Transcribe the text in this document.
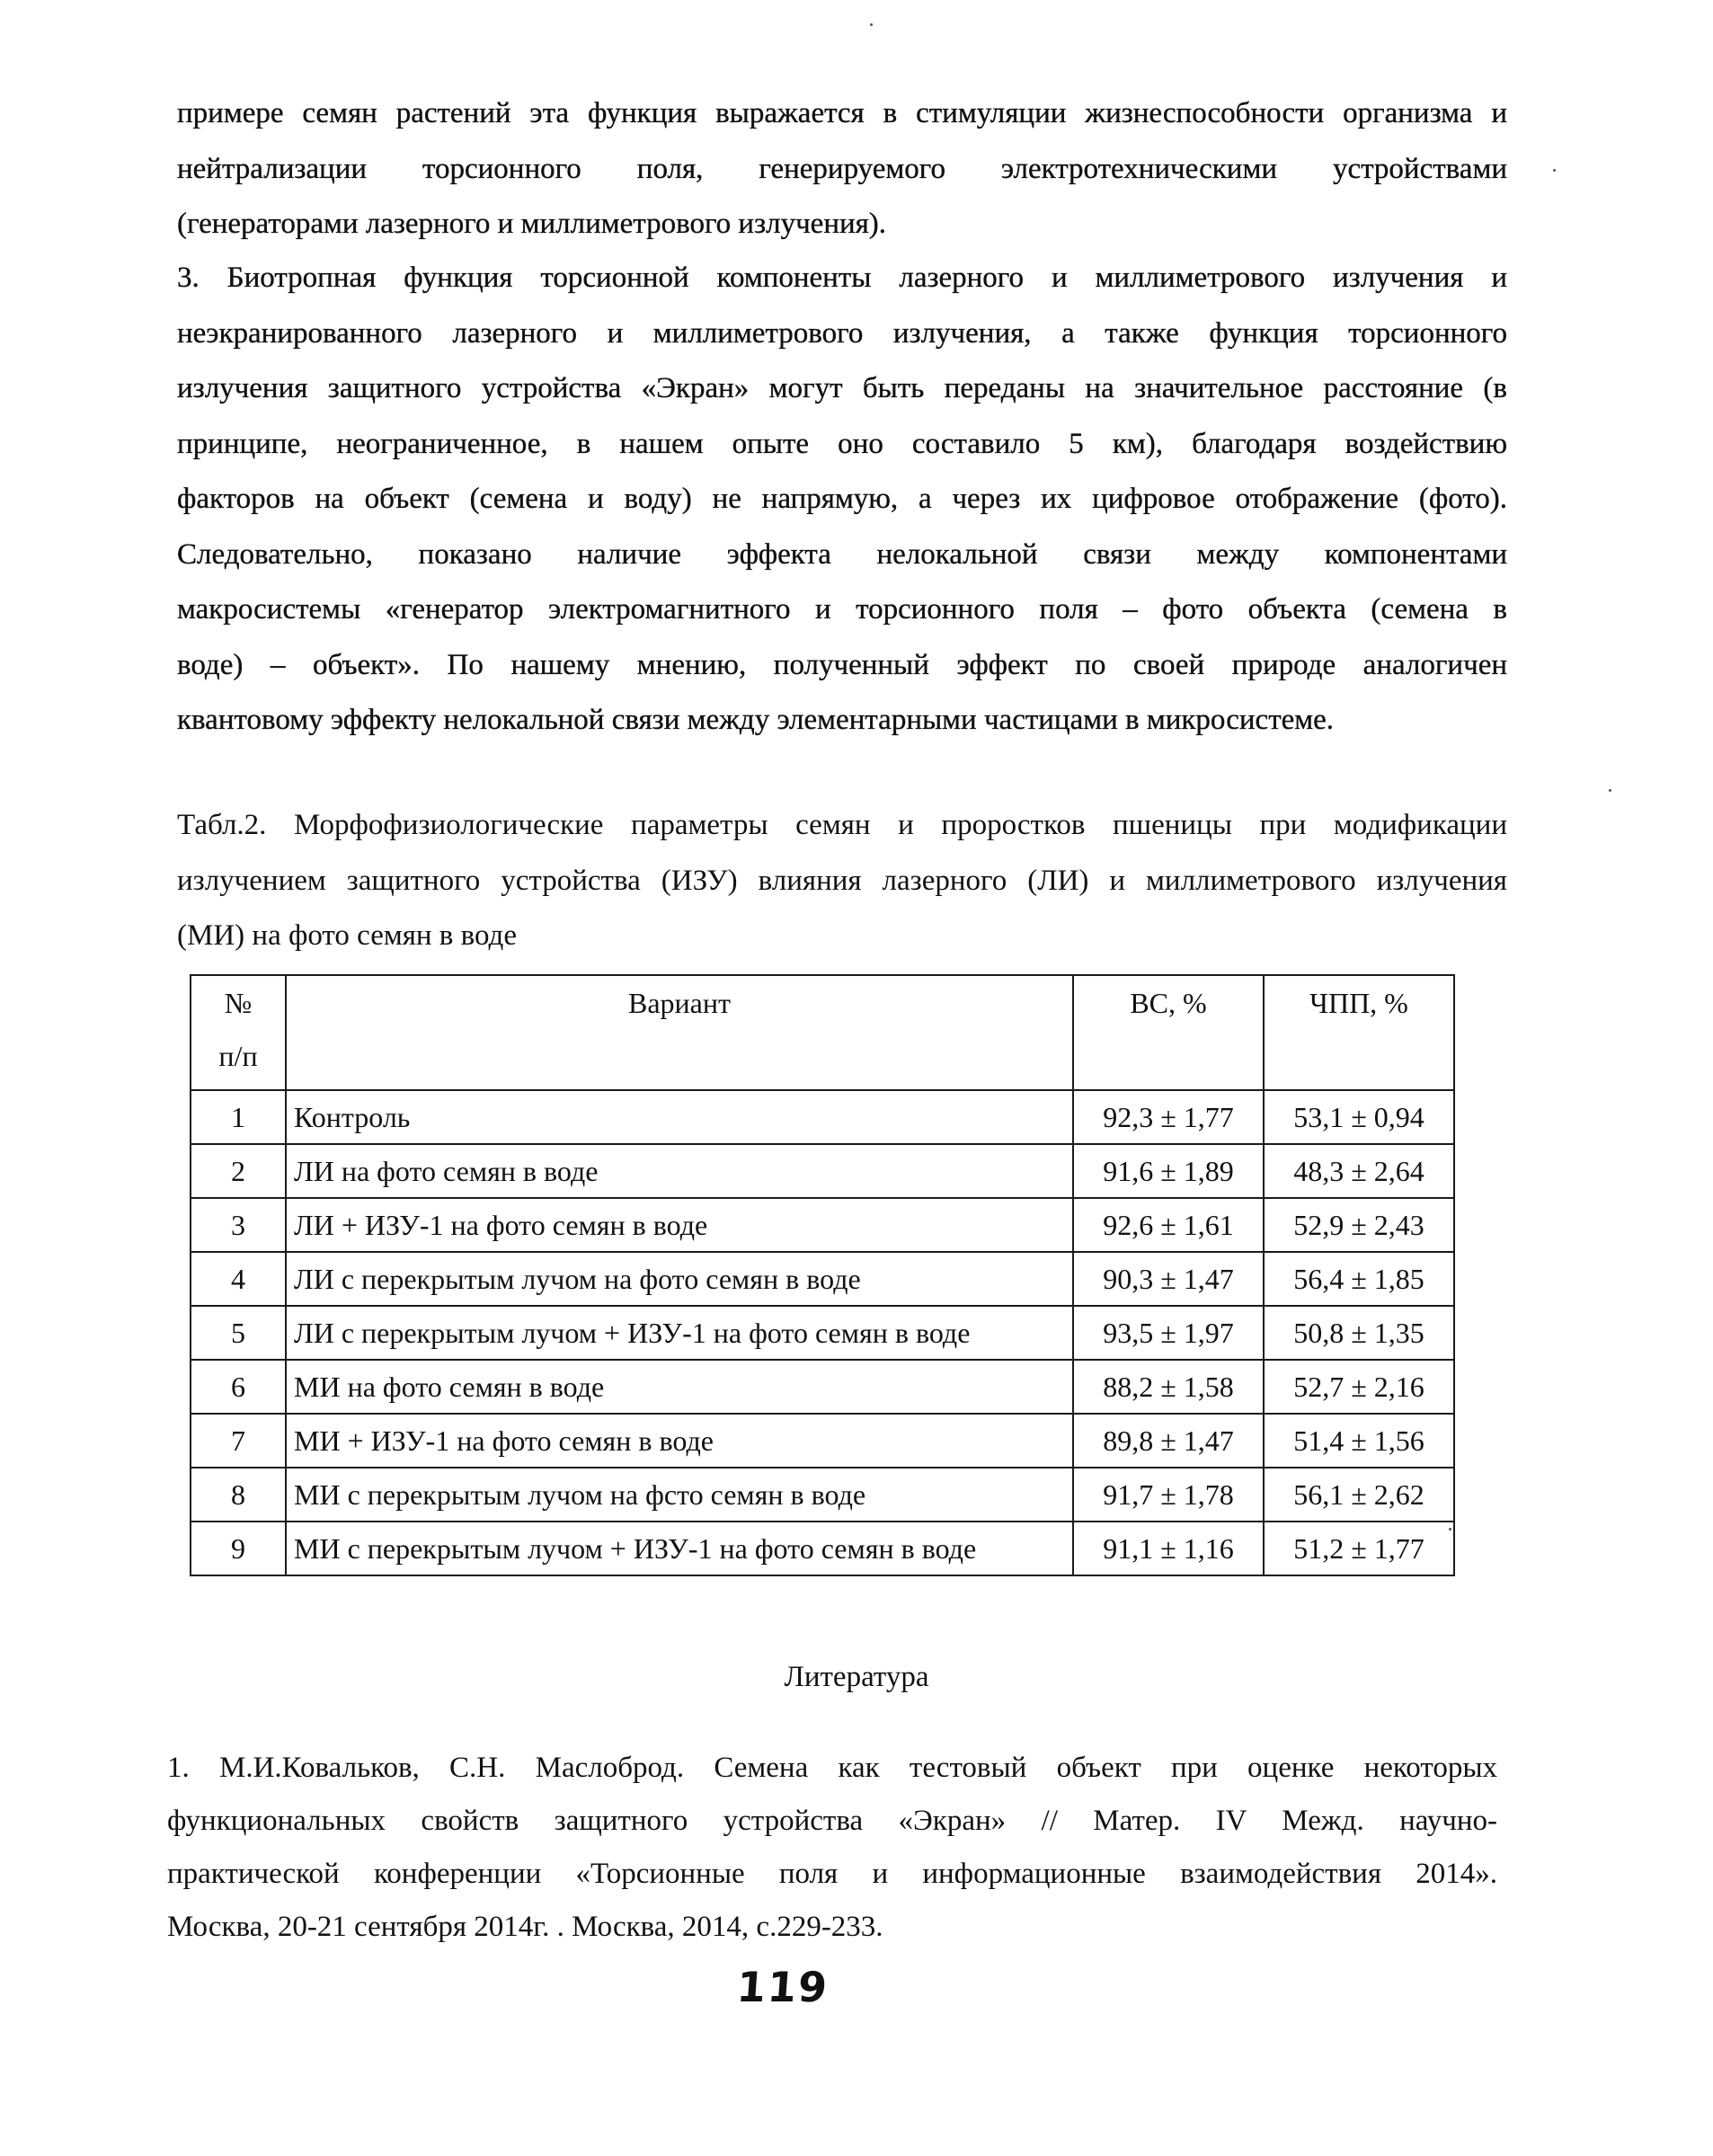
примере семян растений эта функция выражается в стимуляции жизнеспособности организма и
нейтрализации торсионного поля, генерируемого электротехническими устройствами
(генераторами лазерного и миллиметрового излучения).
3. Биотропная функция торсионной компоненты лазерного и миллиметрового излучения и
неэкранированного лазерного и миллиметрового излучения, а также функция торсионного
излучения защитного устройства «Экран» могут быть переданы на значительное расстояние (в
принципе, неограниченное, в нашем опыте оно составило 5 км), благодаря воздействию
факторов на объект (семена и воду) не напрямую, а через их цифровое отображение (фото).
Следовательно, показано наличие эффекта нелокальной связи между компонентами
макросистемы «генератор электромагнитного и торсионного поля – фото объекта (семена в
воде) – объект». По нашему мнению, полученный эффект по своей природе аналогичен
квантовому эффекту нелокальной связи между элементарными частицами в микросистеме.
Табл.2. Морфофизиологические параметры семян и проростков пшеницы при модификации
излучением защитного устройства (ИЗУ) влияния лазерного (ЛИ) и миллиметрового излучения
(МИ) на фото семян в воде
№
п/п	Вариант	ВС, %	ЧПП, %

1	Контроль	92,3 ± 1,77	53,1 ± 0,94
2	ЛИ на фото семян в воде	91,6 ± 1,89	48,3 ± 2,64
3	ЛИ + ИЗУ-1 на фото семян в воде	92,6 ± 1,61	52,9 ± 2,43
4	ЛИ с перекрытым лучом на фото семян в воде	90,3 ± 1,47	56,4 ± 1,85
5	ЛИ с перекрытым лучом + ИЗУ-1 на фото семян в воде	93,5 ± 1,97	50,8 ± 1,35
6	МИ на фото семян в воде	88,2 ± 1,58	52,7 ± 2,16
7	МИ + ИЗУ-1 на фото семян в воде	89,8 ± 1,47	51,4 ± 1,56
8	МИ с перекрытым лучом на фсто семян в воде	91,7 ± 1,78	56,1 ± 2,62
9	МИ с перекрытым лучом + ИЗУ-1 на фото семян в воде	91,1 ± 1,16	51,2 ± 1,77
Литература
1. М.И.Ковальков, С.Н. Маслоброд. Семена как тестовый объект при оценке некоторых
функциональных свойств защитного устройства «Экран» // Матер. IV Межд. научно-
практической конференции «Торсионные поля и информационные взаимодействия 2014».
Москва, 20-21 сентября 2014г. . Москва, 2014, с.229-233.
119
